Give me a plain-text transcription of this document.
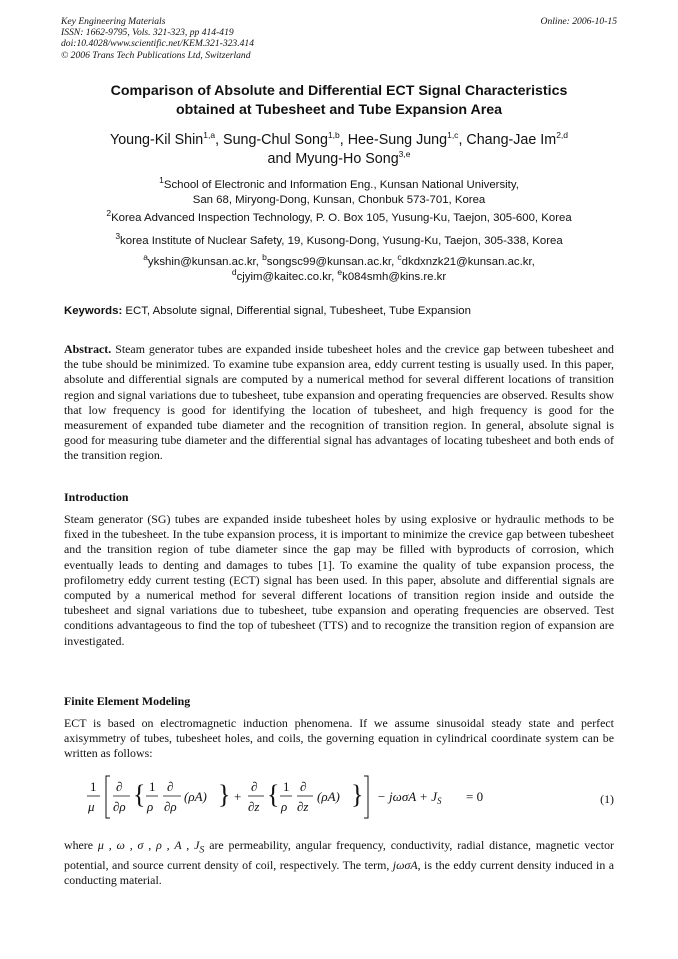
Key Engineering Materials
ISSN: 1662-9795, Vols. 321-323, pp 414-419
doi:10.4028/www.scientific.net/KEM.321-323.414
© 2006 Trans Tech Publications Ltd, Switzerland
Online: 2006-10-15
Comparison of Absolute and Differential ECT Signal Characteristics
obtained at Tubesheet and Tube Expansion Area
Young-Kil Shin$^{1,a}$, Sung-Chul Song$^{1,b}$, Hee-Sung Jung$^{1,c}$, Chang-Jae Im$^{2,d}$
and Myung-Ho Song$^{3,e}$
$^1$School of Electronic and Information Eng., Kunsan National University,
San 68, Miryong-Dong, Kunsan, Chonbuk 573-701, Korea
$^2$Korea Advanced Inspection Technology, P. O. Box 105, Yusung-Ku, Taejon, 305-600, Korea
$^3$korea Institute of Nuclear Safety, 19, Kusong-Dong, Yusung-Ku, Taejon, 305-338, Korea
$^a$ykshin@kunsan.ac.kr, $^b$songsc99@kunsan.ac.kr, $^c$dkdxnzk21@kunsan.ac.kr,
$^d$cjyim@kaitec.co.kr, $^e$k084smh@kins.re.kr
Keywords: ECT, Absolute signal, Differential signal, Tubesheet, Tube Expansion
Abstract. Steam generator tubes are expanded inside tubesheet holes and the crevice gap between tubesheet and the tube should be minimized. To examine tube expansion area, eddy current testing is usually used. In this paper, absolute and differential signals are computed by a numerical method for several different locations of transition region and signal variations due to tubesheet, tube expansion and operating frequencies are observed. Results show that low frequency is good for identifying the location of tubesheet, and high frequency is good for the measurement of expanded tube diameter and the recognition of transition region. In general, absolute signal is good for measuring tube diameter and the differential signal has advantages of locating tubesheet and both ends of the transition region.
Introduction
Steam generator (SG) tubes are expanded inside tubesheet holes by using explosive or hydraulic methods to be fixed in the tubesheet. In the tube expansion process, it is important to minimize the crevice gap between tubesheet and the transition region of tube diameter since the gap may be filled with byproducts of corrosion, which eventually leads to denting and damages to tubes [1]. To examine the quality of tube expansion process, the profilometry eddy current testing (ECT) signal has been used. In this paper, absolute and differential signals are computed by a numerical method for several different locations of transition region inside and outside the tubesheet and signal variations due to tubesheet, tube expansion and operating frequencies are observed. Test conditions advantageous to find the top of tubesheet (TTS) and to recognize the transition region of expansion are investigated.
Finite Element Modeling
ECT is based on electromagnetic induction phenomena. If we assume sinusoidal steady state and perfect axisymmetry of tubes, tubesheet holes, and coils, the governing equation in cylindrical coordinate system can be written as follows:
1
μ
∂
∂ρ { 1
ρ
∂
∂ρ
(ρA) } +
∂
∂z { 1
ρ
∂
∂z
(ρA) } − $j\omega\sigma A + J_S = 0$	(1)
where μ , ω , σ , ρ , A , $J_S$ are permeability, angular frequency, conductivity, radial distance, magnetic vector potential, and source current density of coil, respectively. The term, jωσA, is the eddy current density induced in a conducting material.
